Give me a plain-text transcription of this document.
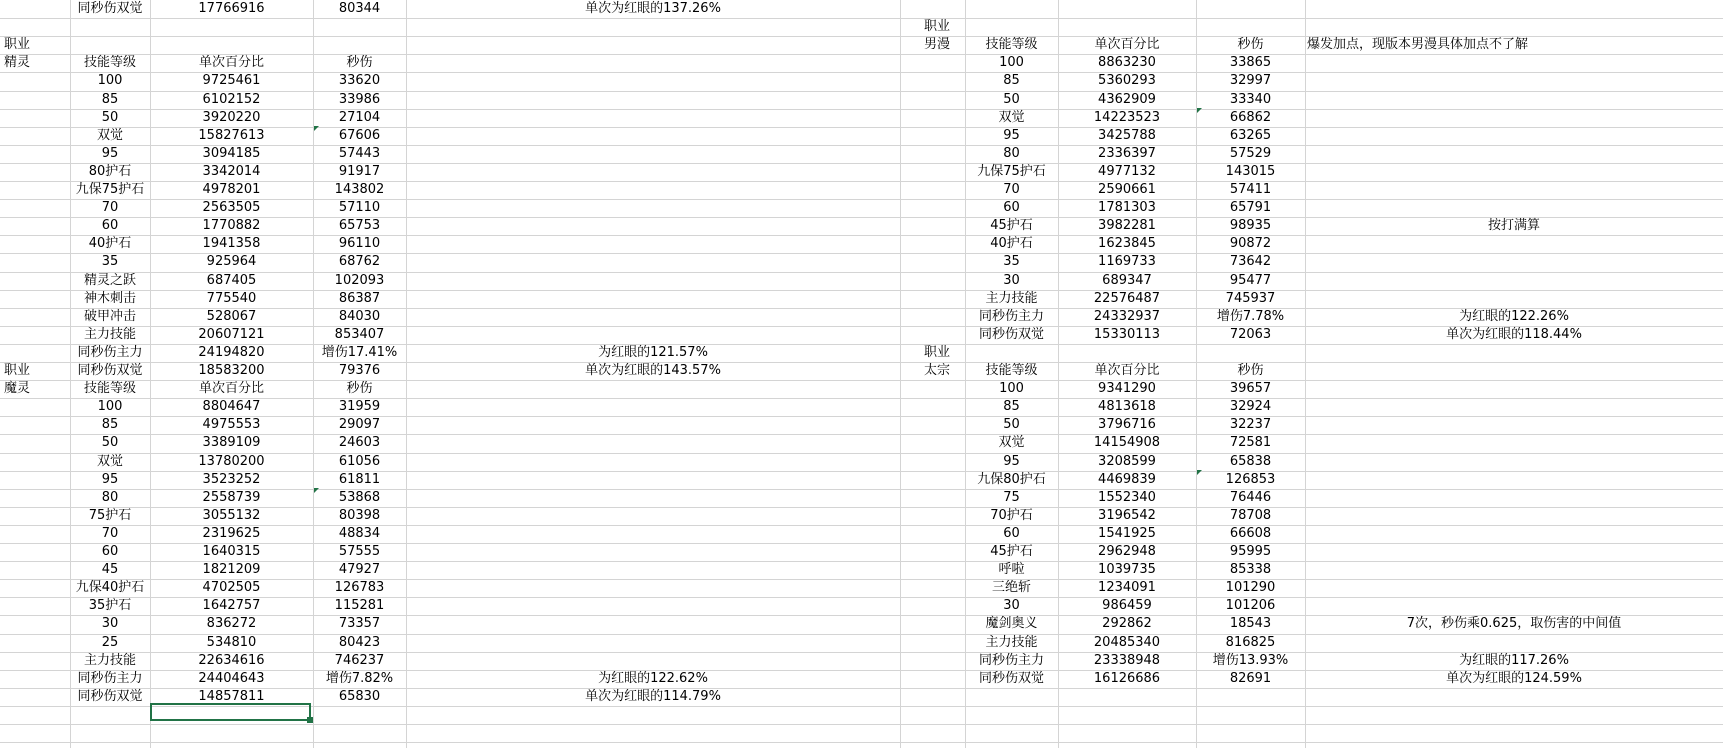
同秒伤双觉	17766916	80344	单次为红眼的137.26%
职业
精灵	技能等级	单次百分比	秒伤
100	9725461	33620
85	6102152	33986
50	3920220	27104
双觉	15827613	67606
95	3094185	57443
80护石	3342014	91917
九保75护石	4978201	143802
70	2563505	57110
60	1770882	65753
40护石	1941358	96110
35	925964	68762
精灵之跃	687405	102093
神木刺击	775540	86387
破甲冲击	528067	84030
主力技能	20607121	853407
同秒伤主力	24194820	增伤17.41%	为红眼的121.57%
同秒伤双觉	18583200	79376	单次为红眼的143.57%
职业
魔灵	技能等级	单次百分比	秒伤
100	8804647	31959
85	4975553	29097
50	3389109	24603
双觉	13780200	61056
95	3523252	61811
80	2558739	53868
75护石	3055132	80398
70	2319625	48834
60	1640315	57555
45	1821209	47927
九保40护石	4702505	126783
35护石	1642757	115281
30	836272	73357
25	534810	80423
主力技能	22634616	746237
同秒伤主力	24404643	增伤7.82%	为红眼的122.62%
同秒伤双觉	14857811	65830	单次为红眼的114.79%
职业
男漫	技能等级	单次百分比	秒伤	爆发加点，现版本男漫具体加点不了解
100	8863230	33865
85	5360293	32997
50	4362909	33340
双觉	14223523	66862
95	3425788	63265
80	2336397	57529
九保75护石	4977132	143015
70	2590661	57411
60	1781303	65791
45护石	3982281	98935	按打满算
40护石	1623845	90872
35	1169733	73642
30	689347	95477
主力技能	22576487	745937
同秒伤主力	24332937	增伤7.78%	为红眼的122.26%
同秒伤双觉	15330113	72063	单次为红眼的118.44%
职业
太宗	技能等级	单次百分比	秒伤
100	9341290	39657
85	4813618	32924
50	3796716	32237
双觉	14154908	72581
95	3208599	65838
九保80护石	4469839	126853
75	1552340	76446
70护石	3196542	78708
60	1541925	66608
45护石	2962948	95995
呼啦	1039735	85338
三绝斩	1234091	101290
30	986459	101206
魔剑奥义	292862	18543	7次，秒伤乘0.625，取伤害的中间值
主力技能	20485340	816825
同秒伤主力	23338948	增伤13.93%	为红眼的117.26%
同秒伤双觉	16126686	82691	单次为红眼的124.59%
